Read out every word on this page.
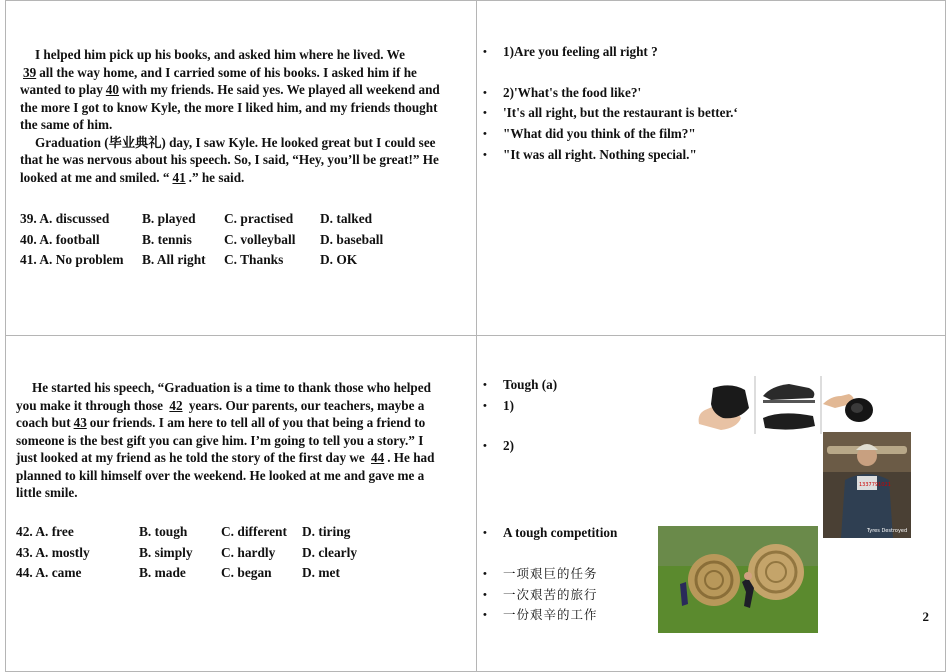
I helped him pick up his books, and asked him where he lived. We 39 all the way home, and I carried some of his books. I asked him if he wanted to play 40 with my friends. He said yes. We played all weekend and the more I got to know Kyle, the more I liked him, and my friends thought the same of him.
Graduation (毕业典礼) day, I saw Kyle. He looked great but I could see that he was nervous about his speech. So, I said, “Hey, you’ll be great!” He looked at me and smiled. “ 41 .” he said.
39. A. discussed	B. played	C. practised	D. talked
40. A. football	B. tennis	C. volleyball	D. baseball
41. A. No problem	B. All right	C. Thanks	D. OK
•	1)Are you feeling all right ?
•	2)'What's the food like?'
•	'It's all right, but the restaurant is better.‘
•	"What did you think of the film?"
•	"It was all right. Nothing special."
He started his speech, “Graduation is a time to thank those who helped you make it through those 42 years. Our parents, our teachers, maybe a coach but 43 our friends. I am here to tell all of you that being a friend to someone is the best gift you can give him. I’m going to tell you a story.” I just looked at my friend as he told the story of the first day we 44 . He had planned to kill himself over the weekend. He looked at me and gave me a little smile.
42. A. free	B. tough	C. different	D. tiring
43. A. mostly	B. simply	C. hardly	D. clearly
44. A. came	B. made	C. began	D. met
•	Tough (a)
•	1)
•	2)
•	A tough competition
•	一项艰巨的任务
•	一次艰苦的旅行
•	一份艰辛的工作
1337791021
Tyres Destroyed
2
